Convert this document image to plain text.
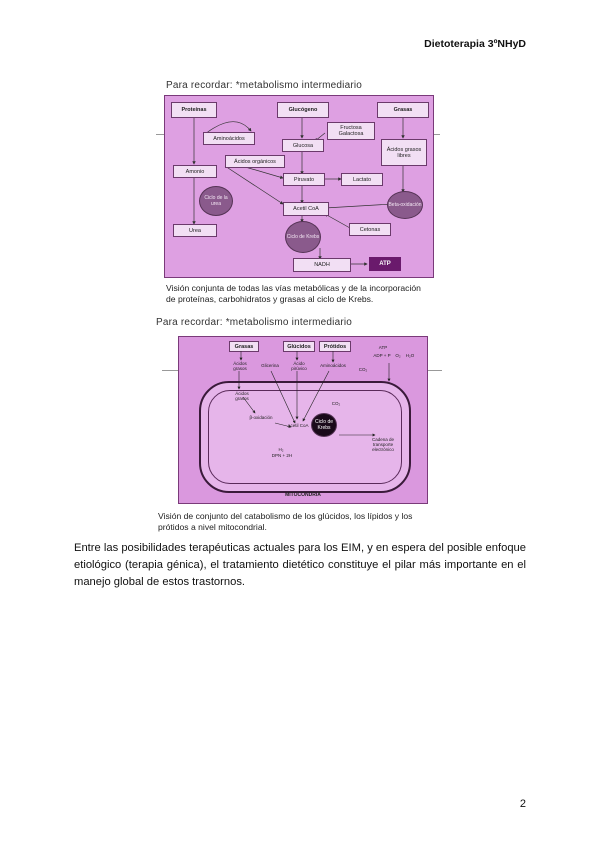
Dietoterapia 3ºNHyD
Para recordar: *metabolismo intermediario
Proteínas	Glucógeno	Grasas
Aminoácidos
Fructosa Galactosa
Glucosa
Ácidos orgánicos
Ácidos grasos libres
Amonio
Piruvato	Lactato
Acetil CoA
Urea	Cetonas
NADH	ATP
Ciclo de la urea
Ciclo de Krebs
Beta-oxidación
Visión conjunta de todas las vías metabólicas y de la incorporación de proteínas, carbohidratos y grasas al ciclo de Krebs.
Para recordar: *metabolismo intermediario
Grasas	Glúcidos	Prótidos
Ácidos grasos
Glicerina	Ácido pirúvico
Aminoácidos
CO₂
Ácidos grasos
β-oxidación
Acetil CoA
Ciclo de Krebs
CO₂
H₂
DPN + 2H
ATP
ADP + P	O₂	H₂O
Cadena de transporte electrónico
MITOCONDRIA
Visión de conjunto del catabolismo de los glúcidos, los lípidos y los prótidos a nivel mitocondrial.
Entre las posibilidades terapéuticas actuales para los EIM, y en espera del posible enfoque etiológico (terapia génica), el tratamiento dietético constituye el pilar más importante en el manejo global de estos trastornos.
2
